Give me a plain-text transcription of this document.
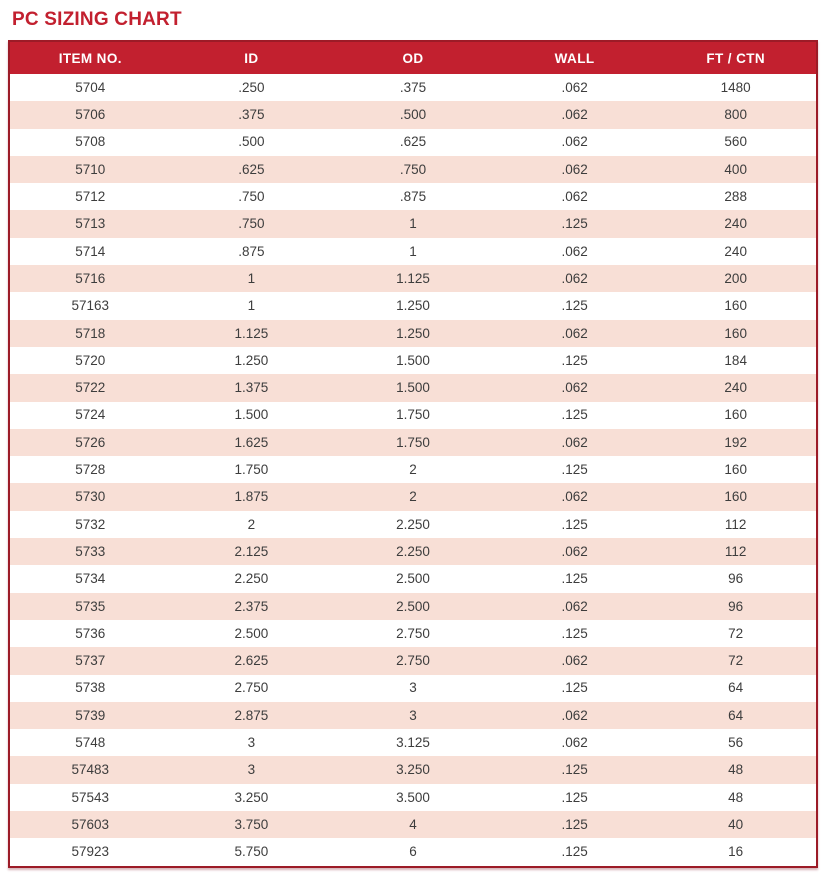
PC SIZING CHART
ITEM NO.	ID	OD	WALL	FT / CTN
5704	.250	.375	.062	1480
5706	.375	.500	.062	800
5708	.500	.625	.062	560
5710	.625	.750	.062	400
5712	.750	.875	.062	288
5713	.750	1	.125	240
5714	.875	1	.062	240
5716	1	1.125	.062	200
57163	1	1.250	.125	160
5718	1.125	1.250	.062	160
5720	1.250	1.500	.125	184
5722	1.375	1.500	.062	240
5724	1.500	1.750	.125	160
5726	1.625	1.750	.062	192
5728	1.750	2	.125	160
5730	1.875	2	.062	160
5732	2	2.250	.125	112
5733	2.125	2.250	.062	112
5734	2.250	2.500	.125	96
5735	2.375	2.500	.062	96
5736	2.500	2.750	.125	72
5737	2.625	2.750	.062	72
5738	2.750	3	.125	64
5739	2.875	3	.062	64
5748	3	3.125	.062	56
57483	3	3.250	.125	48
57543	3.250	3.500	.125	48
57603	3.750	4	.125	40
57923	5.750	6	.125	16
